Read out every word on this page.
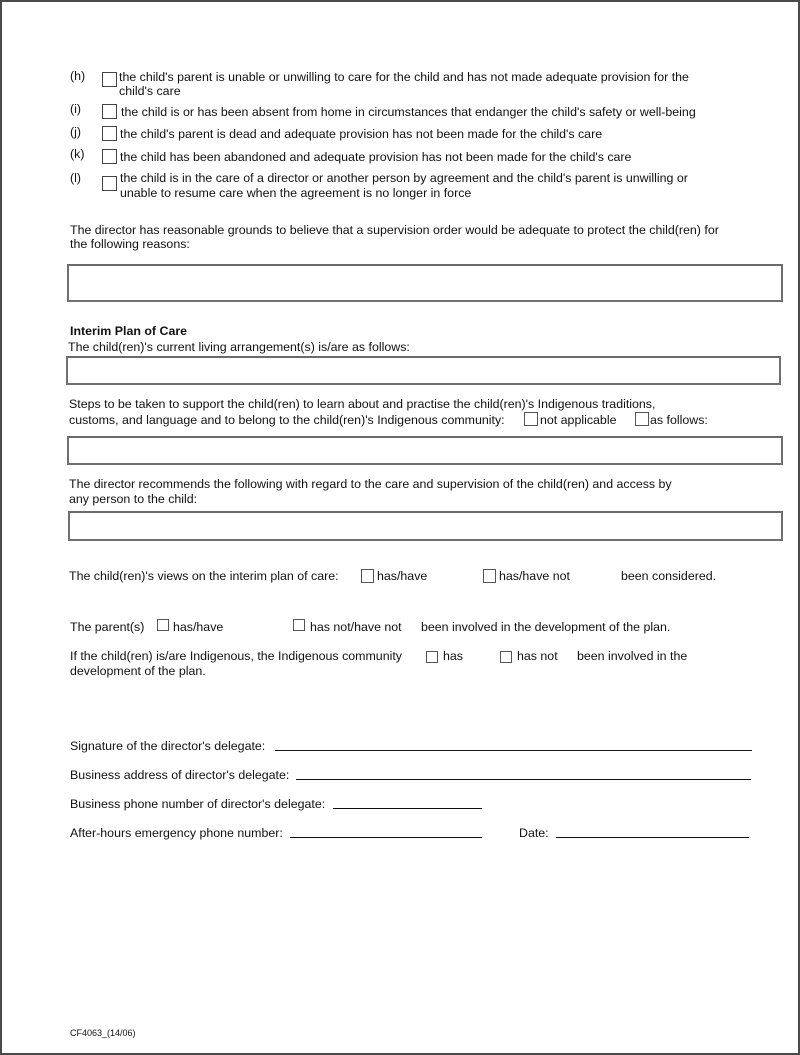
(h)	the child's parent is unable or unwilling to care for the child and has not made adequate provision for the
child's care
(i)	the child is or has been absent from home in circumstances that endanger the child's safety or well-being
(j)	the child's parent is dead and adequate provision has not been made for the child's care
(k)	the child has been abandoned and adequate provision has not been made for the child's care
(l)	the child is in the care of a director or another person by agreement and the child's parent is unwilling or
unable to resume care when the agreement is no longer in force
The director has reasonable grounds to believe that a supervision order would be adequate to protect the child(ren) for
the following reasons:
Interim Plan of Care
The child(ren)'s current living arrangement(s) is/are as follows:
Steps to be taken to support the child(ren) to learn about and practise the child(ren)'s Indigenous traditions,
customs, and language and to belong to the child(ren)'s Indigenous community:	not applicable	as follows:
The director recommends the following with regard to the care and supervision of the child(ren) and access by
any person to the child:
The child(ren)'s views on the interim plan of care:	has/have	has/have not	been considered.
The parent(s) has/have	has not/have not been involved in the development of the plan.
If the child(ren) is/are Indigenous, the Indigenous community	has	has not been involved in the
development of the plan.
Signature of the director's delegate:
Business address of director's delegate:
Business phone number of director's delegate:
After-hours emergency phone number:	Date:
CF4063_(14/06)
